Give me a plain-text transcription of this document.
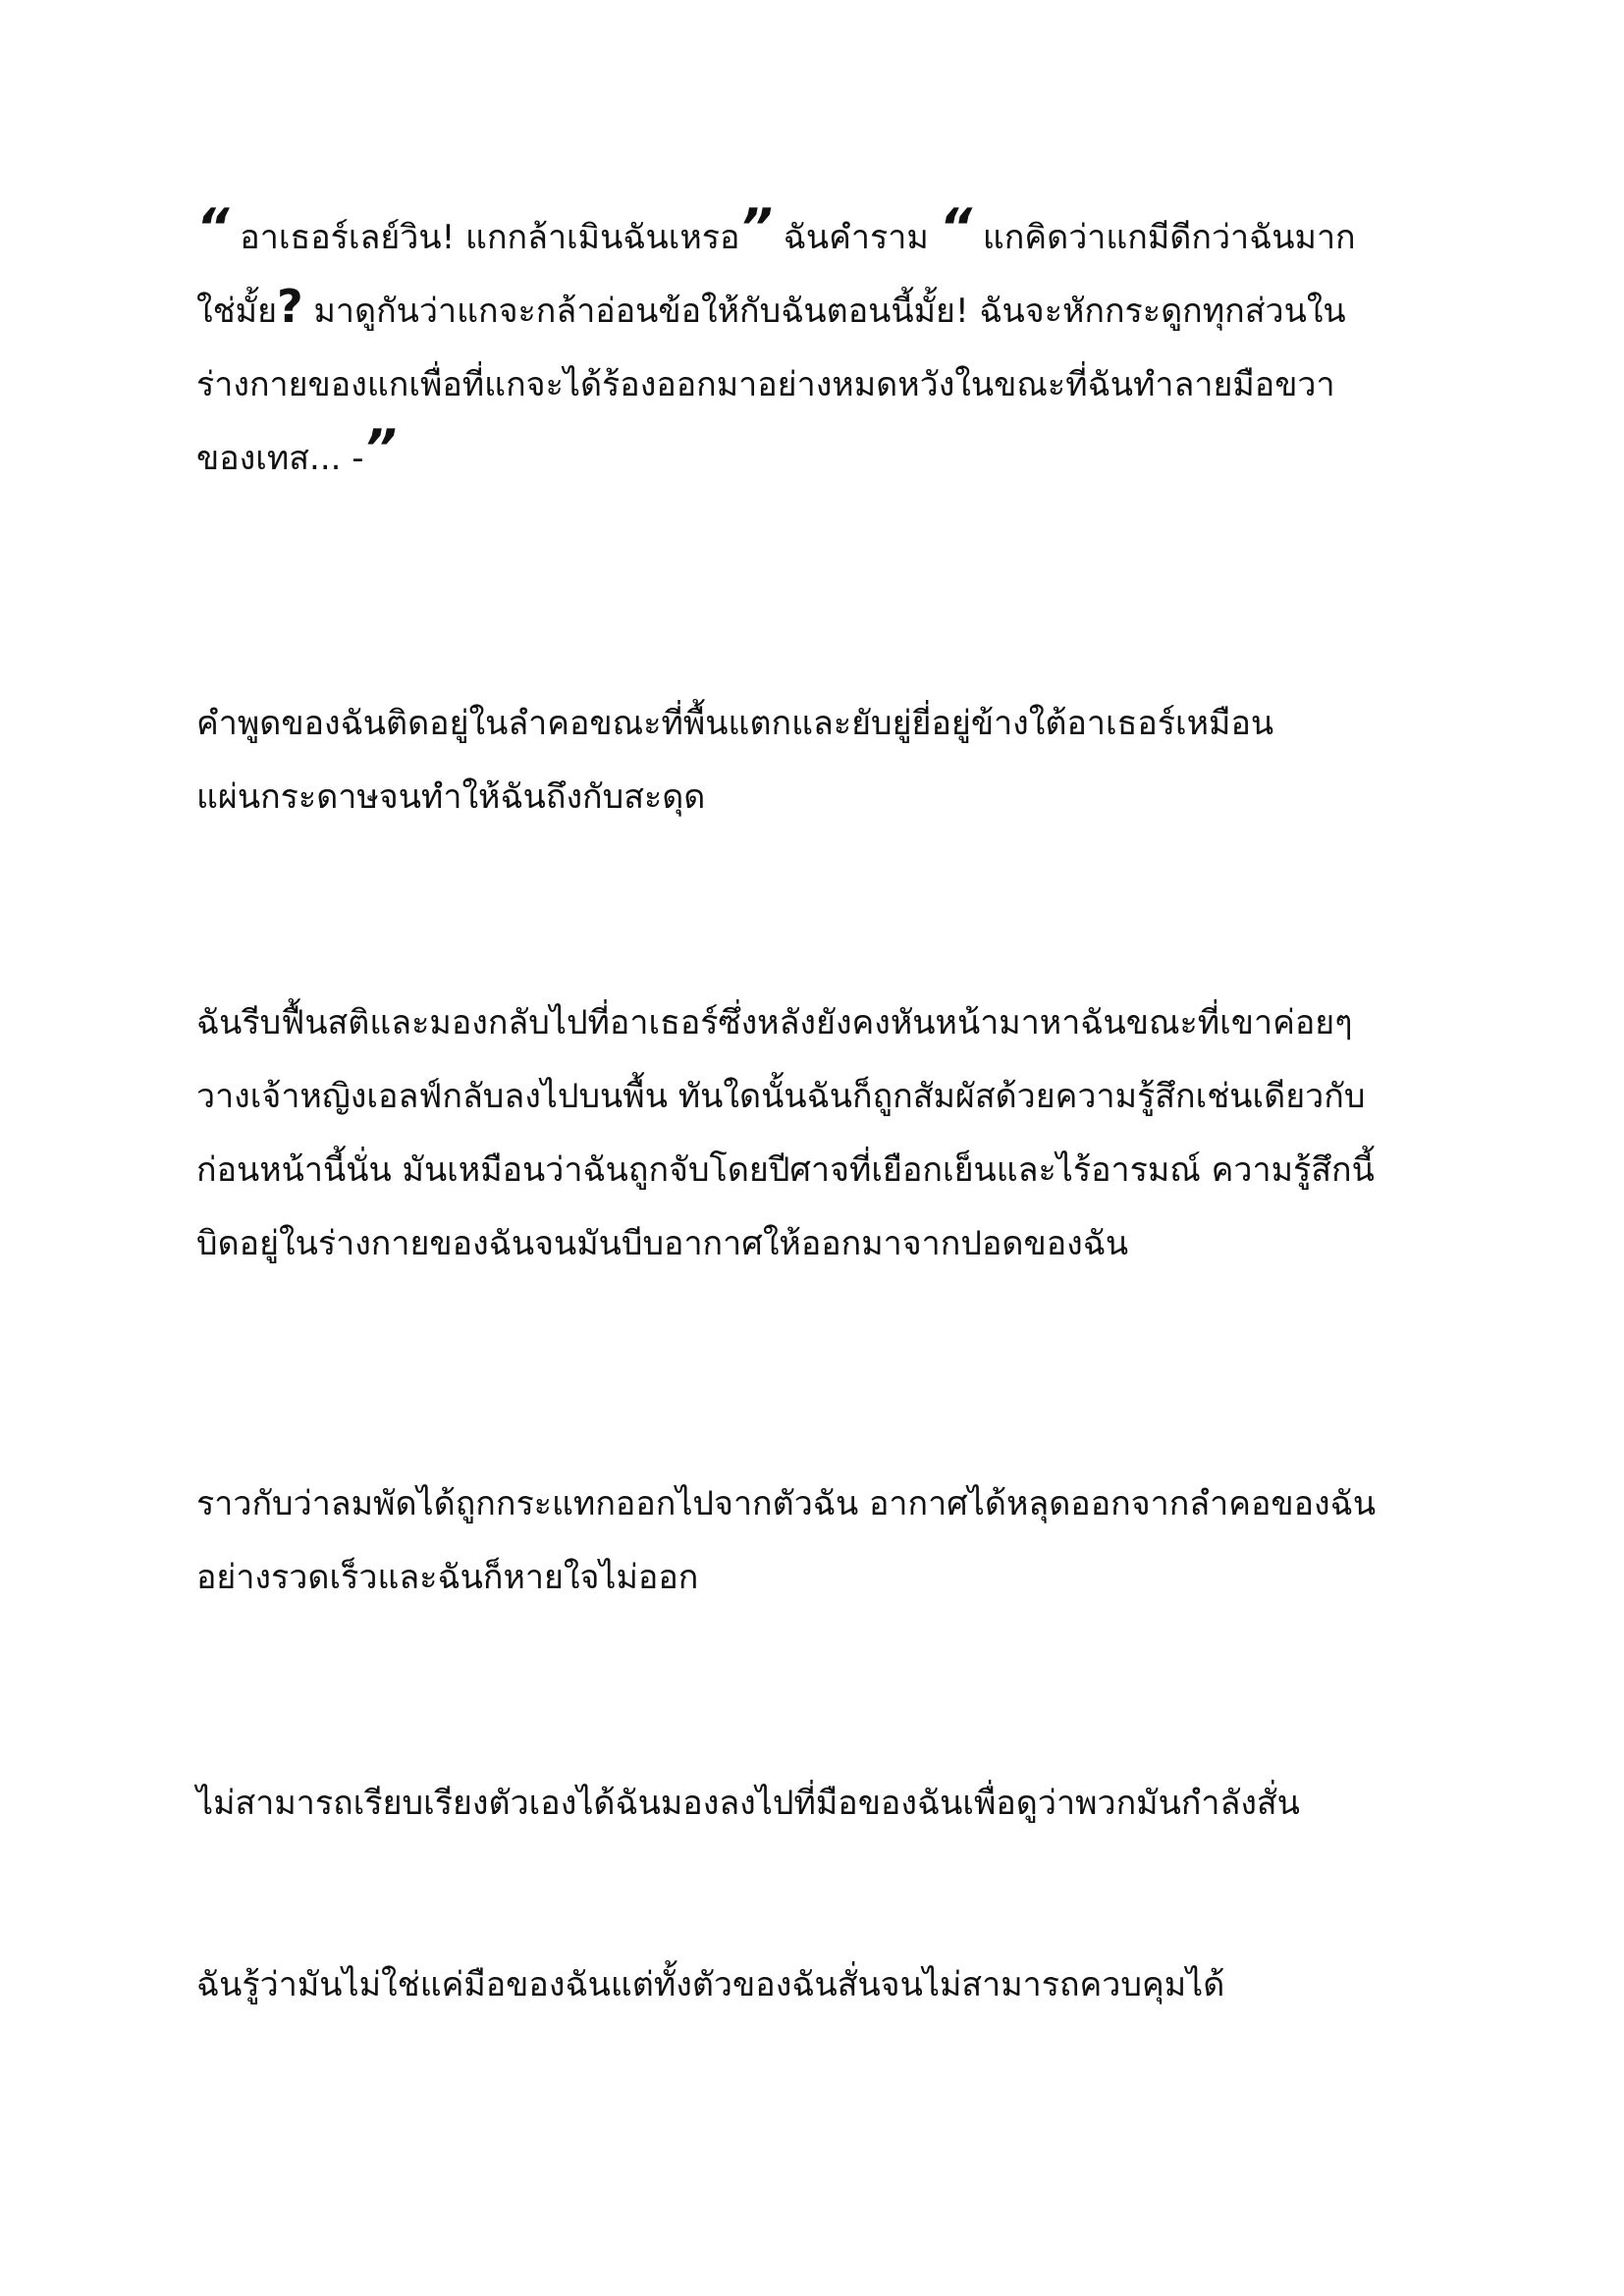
“ อาเธอร์เลย์วิน! แกกล้าเมินฉันเหรอ” ฉันคำราม “ แกคิดว่าแกมีดีกว่าฉันมาก
ใช่มั้ย? มาดูกันว่าแกจะกล้าอ่อนข้อให้กับฉันตอนนี้มั้ย! ฉันจะหักกระดูกทุกส่วนใน
ร่างกายของแกเพื่อที่แกจะได้ร้องออกมาอย่างหมดหวังในขณะที่ฉันทำลายมือขวา
ของเทส... -”
คำพูดของฉันติดอยู่ในลำคอขณะที่พื้นแตกและยับยู่ยี่อยู่ข้างใต้อาเธอร์เหมือน
แผ่นกระดาษจนทำให้ฉันถึงกับสะดุด
ฉันรีบฟื้นสติและมองกลับไปที่อาเธอร์ซึ่งหลังยังคงหันหน้ามาหาฉันขณะที่เขาค่อยๆ
วางเจ้าหญิงเอลฟ์กลับลงไปบนพื้น ทันใดนั้นฉันก็ถูกสัมผัสด้วยความรู้สึกเช่นเดียวกับ
ก่อนหน้านี้นั่น มันเหมือนว่าฉันถูกจับโดยปีศาจที่เยือกเย็นและไร้อารมณ์ ความรู้สึกนี้
บิดอยู่ในร่างกายของฉันจนมันบีบอากาศให้ออกมาจากปอดของฉัน
ราวกับว่าลมพัดได้ถูกกระแทกออกไปจากตัวฉัน อากาศได้หลุดออกจากลำคอของฉัน
อย่างรวดเร็วและฉันก็หายใจไม่ออก
ไม่สามารถเรียบเรียงตัวเองได้ฉันมองลงไปที่มือของฉันเพื่อดูว่าพวกมันกำลังสั่น
ฉันรู้ว่ามันไม่ใช่แค่มือของฉันแต่ทั้งตัวของฉันสั่นจนไม่สามารถควบคุมได้
